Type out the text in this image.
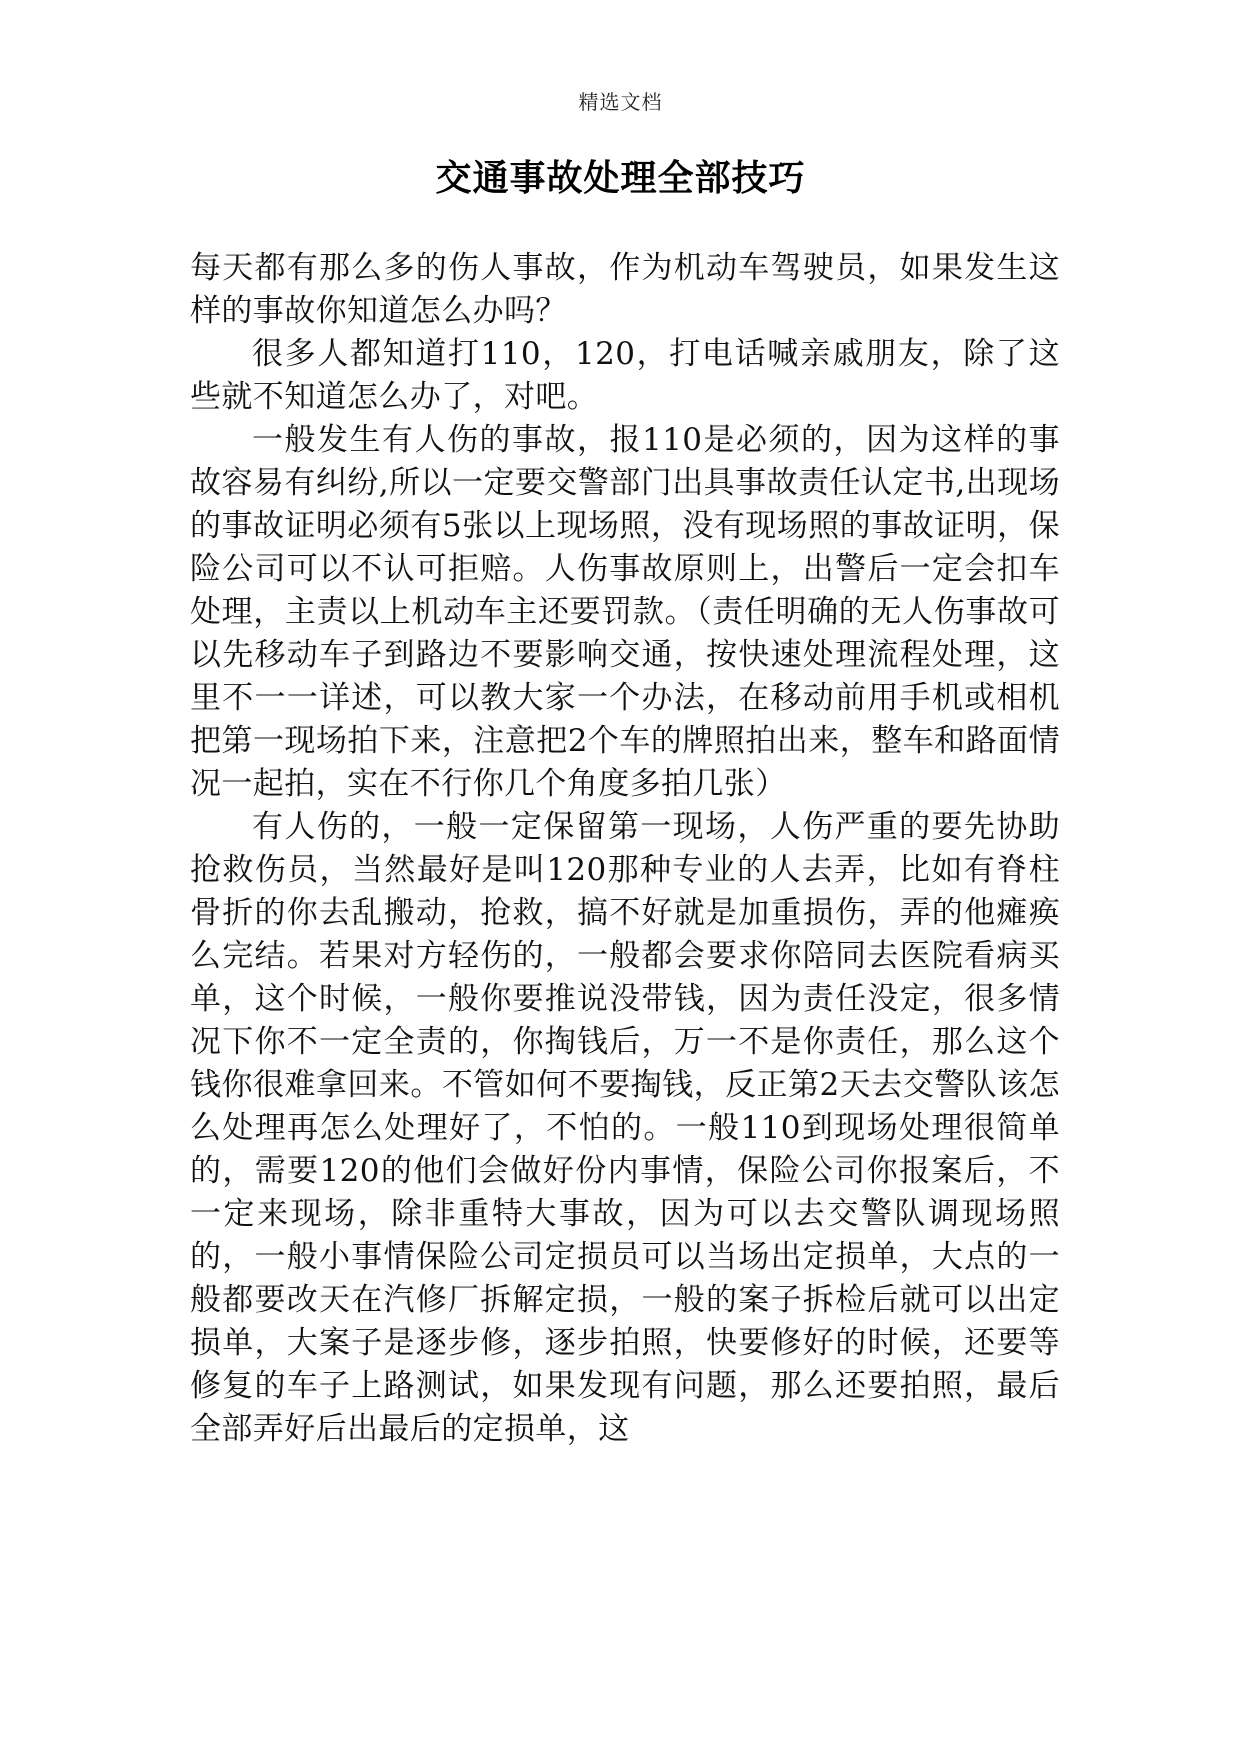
精选文档
交通事故处理全部技巧

每天都有那么多的伤人事故，作为机动车驾驶员，如果发生这样的事故你知道怎么办吗？

很多人都知道打110，120，打电话喊亲戚朋友，除了这些就不知道怎么办了，对吧。

一般发生有人伤的事故，报110是必须的，因为这样的事故容易有纠纷,所以一定要交警部门出具事故责任认定书,出现场的事故证明必须有5张以上现场照，没有现场照的事故证明，保险公司可以不认可拒赔。人伤事故原则上，出警后一定会扣车处理，主责以上机动车主还要罚款。（责任明确的无人伤事故可以先移动车子到路边不要影响交通，按快速处理流程处理，这里不一一详述，可以教大家一个办法，在移动前用手机或相机把第一现场拍下来，注意把2个车的牌照拍出来，整车和路面情况一起拍，实在不行你几个角度多拍几张）

有人伤的，一般一定保留第一现场，人伤严重的要先协助抢救伤员，当然最好是叫120那种专业的人去弄，比如有脊柱骨折的你去乱搬动，抢救，搞不好就是加重损伤，弄的他瘫痪么完结。若果对方轻伤的，一般都会要求你陪同去医院看病买单，这个时候，一般你要推说没带钱，因为责任没定，很多情况下你不一定全责的，你掏钱后，万一不是你责任，那么这个钱你很难拿回来。不管如何不要掏钱，反正第2天去交警队该怎么处理再怎么处理好了，不怕的。一般110到现场处理很简单的，需要120的他们会做好份内事情，保险公司你报案后，不一定来现场，除非重特大事故，因为可以去交警队调现场照的，一般小事情保险公司定损员可以当场出定损单，大点的一般都要改天在汽修厂拆解定损，一般的案子拆检后就可以出定损单，大案子是逐步修，逐步拍照，快要修好的时候，还要等修复的车子上路测试，如果发现有问题，那么还要拍照，最后全部弄好后出最后的定损单，这
